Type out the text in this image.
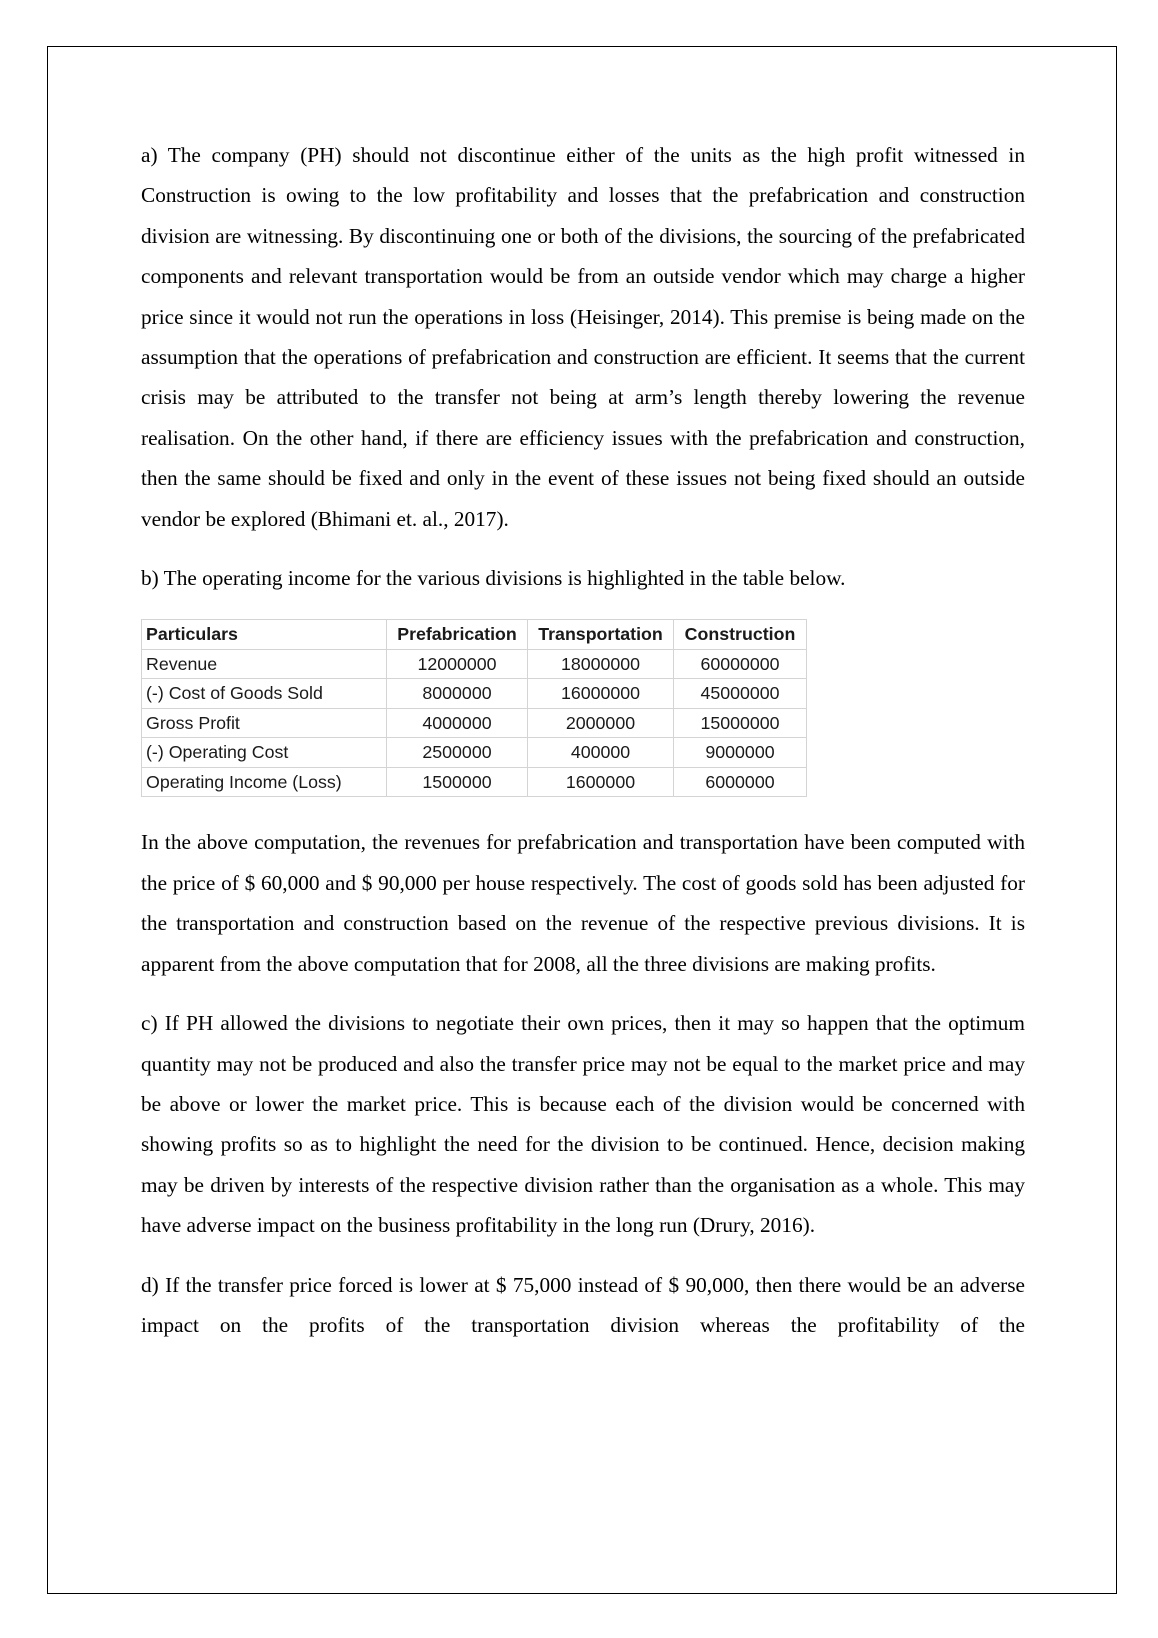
a) The company (PH) should not discontinue either of the units as the high profit witnessed in Construction is owing to the low profitability and losses that the prefabrication and construction division are witnessing. By discontinuing one or both of the divisions, the sourcing of the prefabricated components and relevant transportation would be from an outside vendor which may charge a higher price since it would not run the operations in loss (Heisinger, 2014). This premise is being made on the assumption that the operations of prefabrication and construction are efficient. It seems that the current crisis may be attributed to the transfer not being at arm’s length thereby lowering the revenue realisation. On the other hand, if there are efficiency issues with the prefabrication and construction, then the same should be fixed and only in the event of these issues not being fixed should an outside vendor be explored (Bhimani et. al., 2017).

b) The operating income for the various divisions is highlighted in the table below.

Particulars	Prefabrication	Transportation	Construction
Revenue	12000000	18000000	60000000
(-) Cost of Goods Sold	8000000	16000000	45000000
Gross Profit	4000000	2000000	15000000
(-) Operating Cost	2500000	400000	9000000
Operating Income (Loss)	1500000	1600000	6000000

In the above computation, the revenues for prefabrication and transportation have been computed with the price of $ 60,000 and $ 90,000 per house respectively. The cost of goods sold has been adjusted for the transportation and construction based on the revenue of the respective previous divisions. It is apparent from the above computation that for 2008, all the three divisions are making profits.

c) If PH allowed the divisions to negotiate their own prices, then it may so happen that the optimum quantity may not be produced and also the transfer price may not be equal to the market price and may be above or lower the market price. This is because each of the division would be concerned with showing profits so as to highlight the need for the division to be continued. Hence, decision making may be driven by interests of the respective division rather than the organisation as a whole. This may have adverse impact on the business profitability in the long run (Drury, 2016).

d) If the transfer price forced is lower at $ 75,000 instead of $ 90,000, then there would be an adverse impact on the profits of the transportation division whereas the profitability of the
